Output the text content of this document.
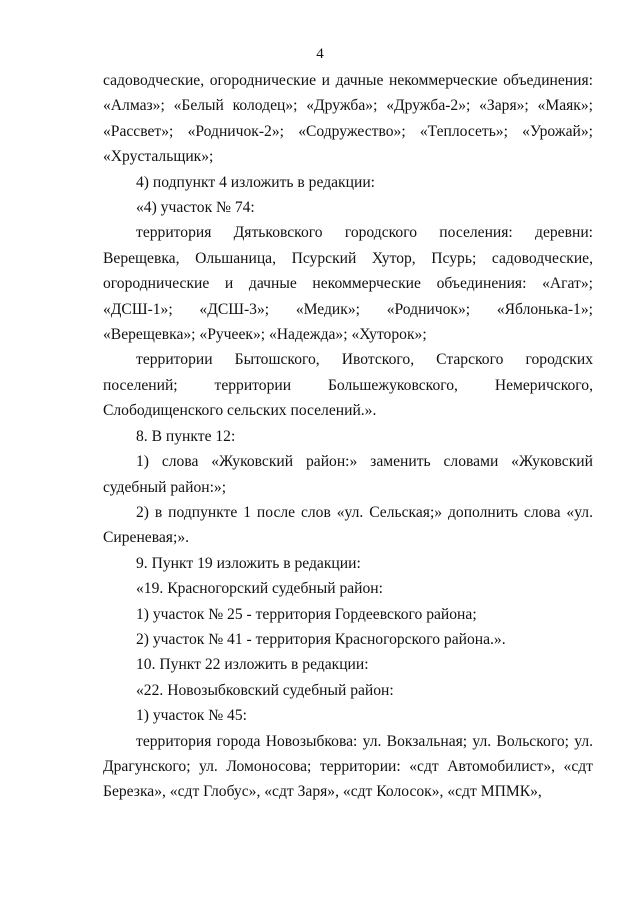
4

садоводческие, огороднические и дачные некоммерческие объединения: «Алмаз»; «Белый колодец»; «Дружба»; «Дружба-2»; «Заря»; «Маяк»; «Рассвет»; «Родничок-2»; «Содружество»; «Теплосеть»; «Урожай»; «Хрустальщик»;

4) подпункт 4 изложить в редакции:

«4) участок № 74:

территория Дятьковского городского поселения: деревни: Верещевка, Ольшаница, Псурский Хутор, Псурь; садоводческие, огороднические и дачные некоммерческие объединения: «Агат»; «ДСШ-1»; «ДСШ-3»; «Медик»; «Родничок»; «Яблонька-1»; «Верещевка»; «Ручеек»; «Надежда»; «Хуторок»;

территории Бытошского, Ивотского, Старского городских поселений; территории Большежуковского, Немеричского, Слободищенского сельских поселений.».

8. В пункте 12:

1) слова «Жуковский район:» заменить словами «Жуковский судебный район:»;

2) в подпункте 1 после слов «ул. Сельская;» дополнить слова «ул. Сиреневая;».

9. Пункт 19 изложить в редакции:

«19. Красногорский судебный район:

1) участок № 25 - территория Гордеевского района;

2) участок № 41 - территория Красногорского района.».

10. Пункт 22 изложить в редакции:

«22. Новозыбковский судебный район:

1) участок № 45:

территория города Новозыбкова: ул. Вокзальная; ул. Вольского; ул. Драгунского; ул. Ломоносова; территории: «сдт Автомобилист», «сдт Березка», «сдт Глобус», «сдт Заря», «сдт Колосок», «сдт МПМК»,
